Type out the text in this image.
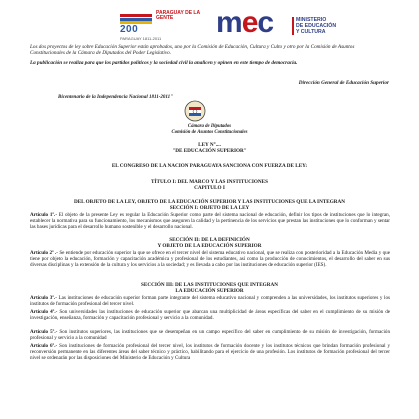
PARAGUAY DE LA GENTE
200
PARAGUAY 1811-2011 mec	MINISTERIO
DE EDUCACIÓN
Y CULTURA

Los dos proyectos de ley sobre Educación Superior están aprobados, uno por la Comisión de Educación, Cultura y Culto y otro por la Comisión de Asuntos Constitucionales de la Cámara de Diputados del Poder Legislativo.

La publicación se realiza para que los partidos políticos y la sociedad civil la analicen y opinen en este tiempo de democracia.

Dirección General de Educación Superior
Bicentenario de la Independencia Nacional 1811-2011"
Cámara de Diputados
Comisión de Asuntos Constitucionales
LEY N°....
"DE EDUCACIÓN SUPERIOR"
EL CONGRESO DE LA NACION PARAGUAYA SANCIONA CON FUERZA DE LEY:
TÍTULO I: DEL MARCO Y LAS INSTITUCIONES
CAPITULO I
DEL OBJETO DE LA LEY, OBJETO DE LA EDUCACIÓN SUPERIOR Y LAS INSTITUCIONES QUE LA INTEGRAN
SECCIÓN I: OBJETO DE LA LEY
Artículo 1º.- El objeto de la presente Ley es regular la Educación Superior como parte del sistema nacional de educación, definir los tipos de instituciones que lo integran, establecer la normativa para su funcionamiento, los mecanismos que aseguren la calidad y la pertinencia de los servicios que prestan las instituciones que lo conforman y sentar las bases jurídicas para el desarrollo humano sostenible y el desarrollo nacional.
SECCIÓN II: DE LA DEFINICIÓN
Y OBJETO DE LA EDUCACIÓN SUPERIOR
Artículo 2º .- Se entiende por educación superior la que se ofrece en el tercer nivel del sistema educativo nacional, que se realiza con posterioridad a la Educación Media y que tiene por objeto la educación, formación y capacitación académica y profesional de los estudiantes, así como la producción de conocimientos, el desarrollo del saber en sus diversas disciplinas y la extensión de la cultura y los servicios a la sociedad; y es llevada a cabo por las instituciones de educación superior (IES).
SECCIÓN III: DE LAS INSTITUCIONES QUE INTEGRAN
LA EDUCACIÓN SUPERIOR
Artículo 3º.- Las instituciones de educación superior forman parte integrante del sistema educativo nacional y comprenden a las universidades, los institutos superiores y los institutos de formación profesional del tercer nivel.
Artículo 4º.- Son universidades las instituciones de educación superior que abarcan una multiplicidad de áreas específicas del saber en el cumplimiento de su misión de investigación, enseñanza, formación y capacitación profesional y servicio a la comunidad.
Artículo 5º.- Son institutos superiores, las instituciones que se desempeñan en un campo específico del saber en cumplimiento de su misión de investigación, formación profesional y servicio a la comunidad
Artículo 6º.- Son instituciones de formación profesional del tercer nivel, los institutos de formación docente y los institutos técnicos que brindan formación profesional y reconversión permanente en las diferentes áreas del saber técnico y práctico, habilitando para el ejercicio de una profesión. Los institutos de formación profesional del tercer nivel se ordenarán por las disposiciones del Ministerio de Educación y Cultura
